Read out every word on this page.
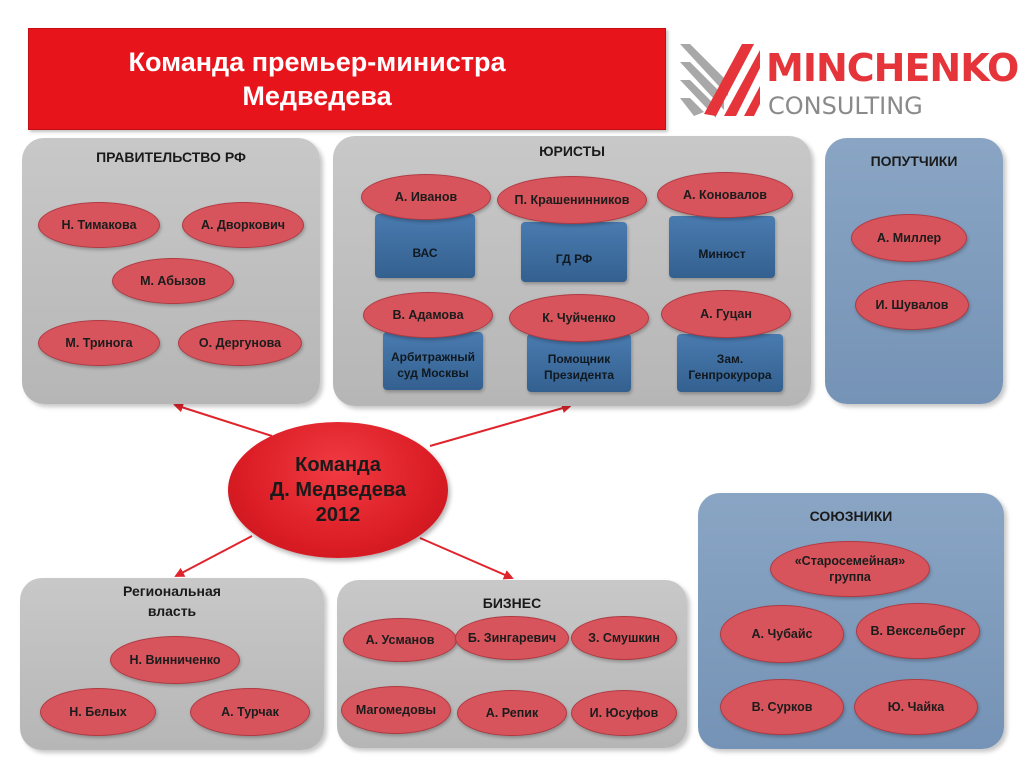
Команда премьер-министра
Медведева
MINCHENKO
CONSULTING
ПРАВИТЕЛЬСТВО РФ
Н. Тимакова	А. Дворкович
М. Абызов
М. Тринога	О. Дергунова
ЮРИСТЫ
ВАС
А. Иванов
ГД РФ
П. Крашенинников
Минюст
А. Коновалов
Арбитражный
суд Москвы
В. Адамова
Помощник
Президента
К. Чуйченко
Зам.
Генпрокурора
А. Гуцан
ПОПУТЧИКИ
А. Миллер
И. Шувалов
Команда
Д. Медведева
2012	СОЮЗНИКИ
«Старосемейная»
группа
А. Чубайс	В. Вексельберг
В. Сурков	Ю. Чайка
Региональная
власть
Н. Винниченко
Н. Белых	А. Турчак
БИЗНЕС
А. Усманов	Б. Зингаревич	З. Смушкин
Магомедовы	А. Репик	И. Юсуфов
